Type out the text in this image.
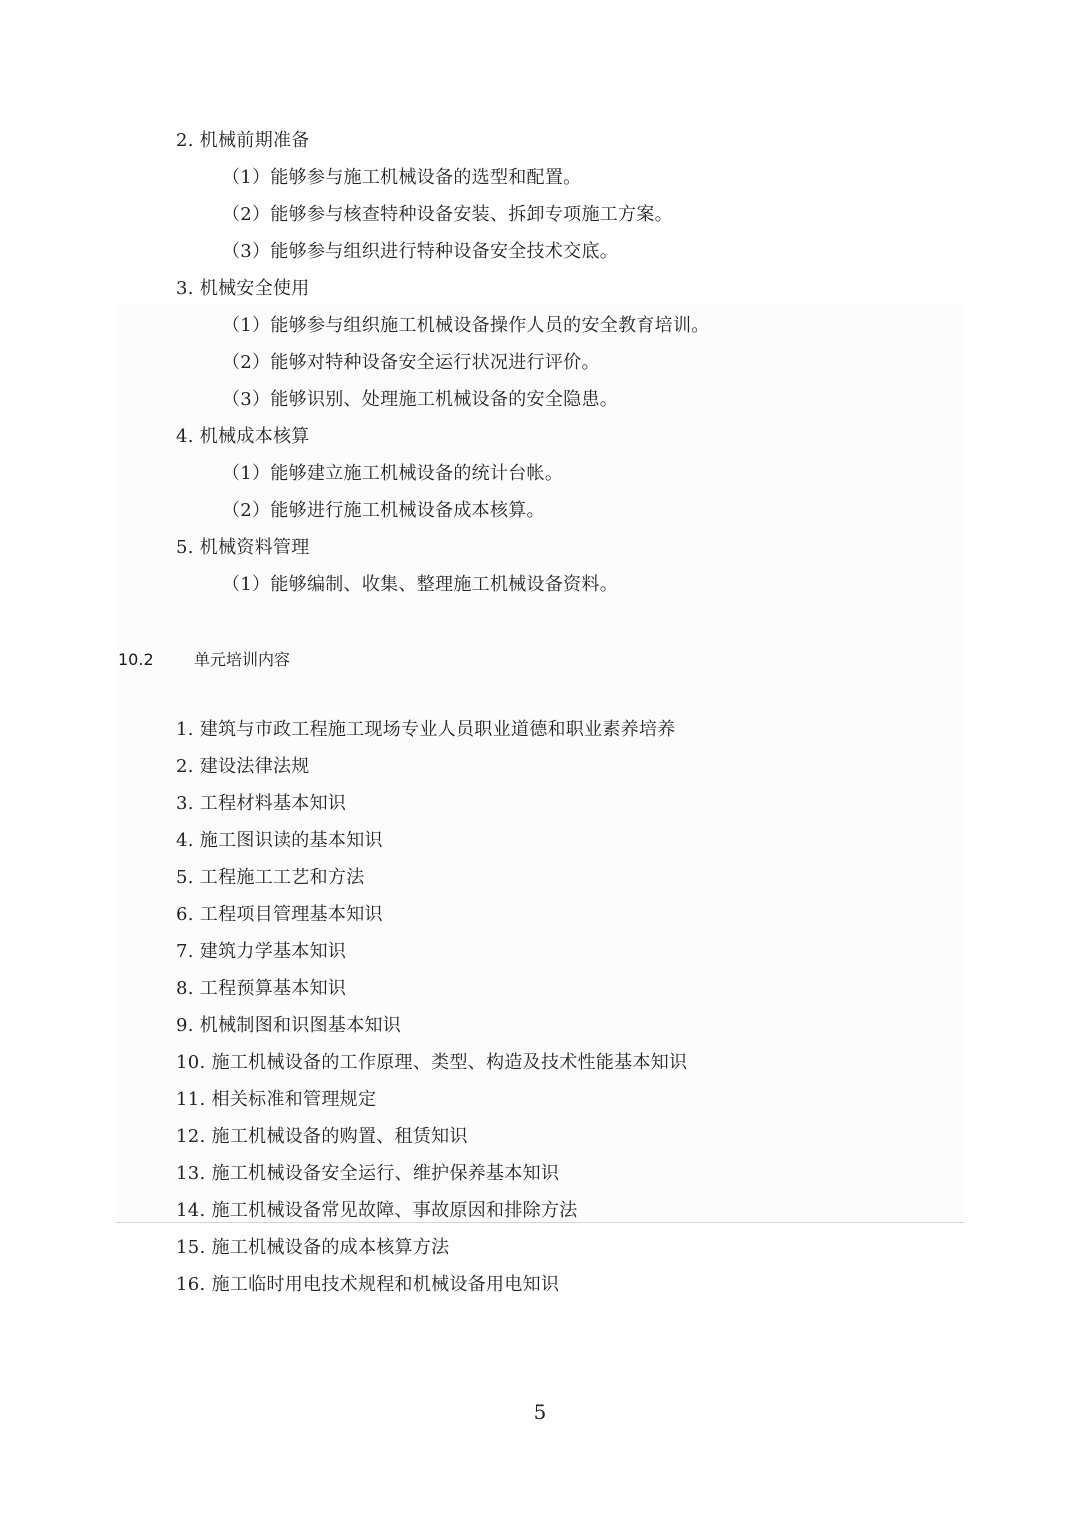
2. 机械前期准备
（1）能够参与施工机械设备的选型和配置。
（2）能够参与核查特种设备安装、拆卸专项施工方案。
（3）能够参与组织进行特种设备安全技术交底。
3. 机械安全使用
（1）能够参与组织施工机械设备操作人员的安全教育培训。
（2）能够对特种设备安全运行状况进行评价。
（3）能够识别、处理施工机械设备的安全隐患。
4. 机械成本核算
（1）能够建立施工机械设备的统计台帐。
（2）能够进行施工机械设备成本核算。
5. 机械资料管理
（1）能够编制、收集、整理施工机械设备资料。
10.2	单元培训内容
1. 建筑与市政工程施工现场专业人员职业道德和职业素养培养
2. 建设法律法规
3. 工程材料基本知识
4. 施工图识读的基本知识
5. 工程施工工艺和方法
6. 工程项目管理基本知识
7. 建筑力学基本知识
8. 工程预算基本知识
9. 机械制图和识图基本知识
10. 施工机械设备的工作原理、类型、构造及技术性能基本知识
11. 相关标准和管理规定
12. 施工机械设备的购置、租赁知识
13. 施工机械设备安全运行、维护保养基本知识
14. 施工机械设备常见故障、事故原因和排除方法
15. 施工机械设备的成本核算方法
16. 施工临时用电技术规程和机械设备用电知识
5
